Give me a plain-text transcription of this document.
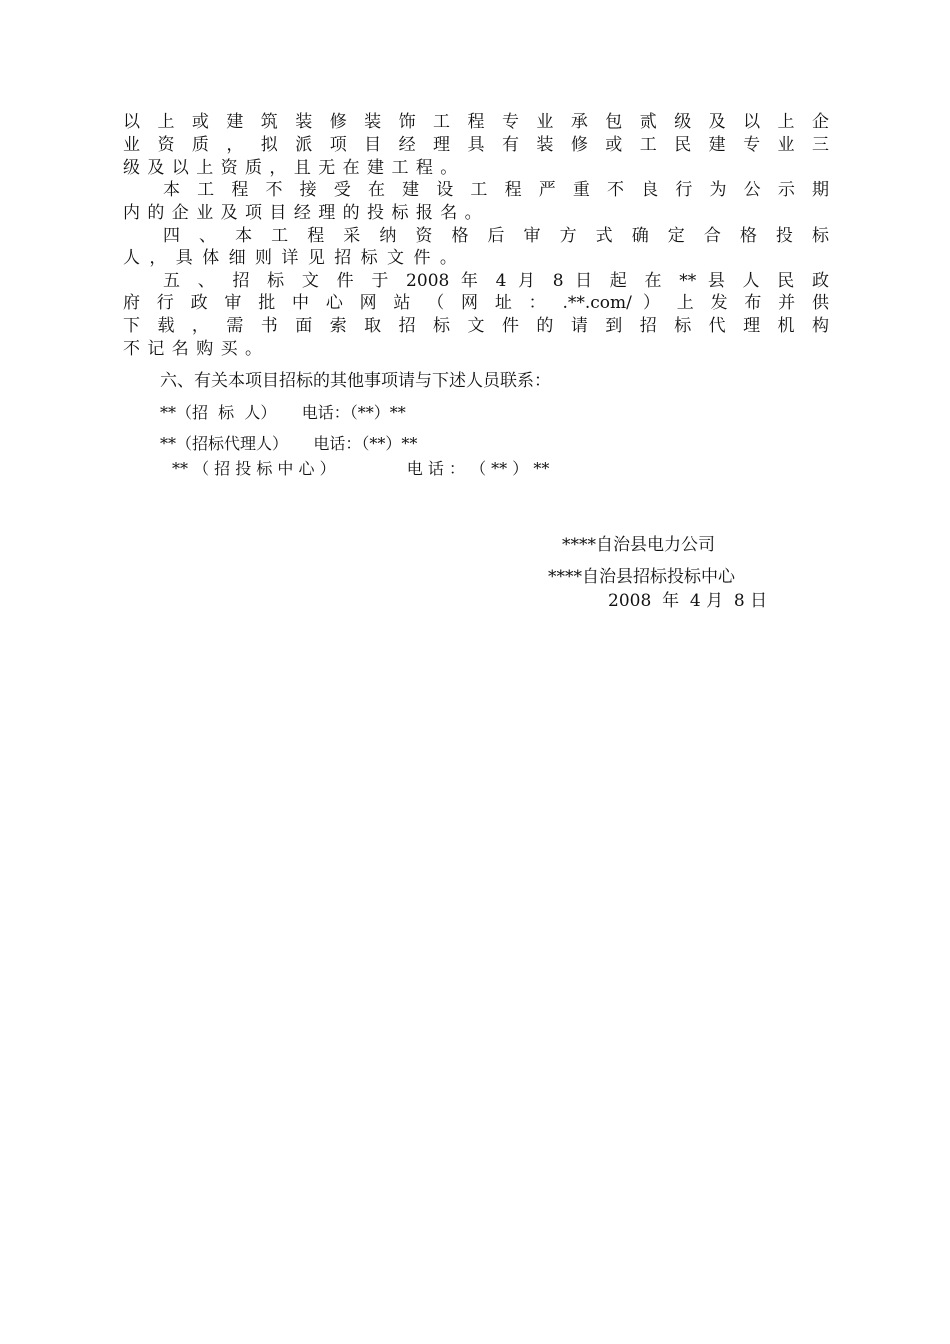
以 上 或 建 筑 装 修 装 饰 工 程 专 业 承 包 贰 级 及 以 上 企
业 资 质 ， 拟 派 项 目 经 理 具 有 装 修 或 工 民 建 专 业 三
级 及 以 上 资 质 ， 且 无 在 建 工 程 。
本 工 程 不 接 受 在 建 设 工 程 严 重 不 良 行 为 公 示 期
内 的 企 业 及 项 目 经 理 的 投 标 报 名 。
四 、 本 工 程 采 纳 资 格 后 审 方 式 确 定 合 格 投 标
人 ， 具 体 细 则 详 见 招 标 文 件 。
五 、 招 标 文 件 于 2008 年 4 月 8 日 起 在 ** 县 人 民 政
府 行 政 审 批 中 心 网 站 （ 网 址 ： .**.com/ ） 上 发 布 并 供
下 载 ， 需 书 面 索 取 招 标 文 件 的 请 到 招 标 代 理 机 构
不 记 名 购 买 。
六、有关本项目招标的其他事项请与下述人员联系：
**（招  标  人）     电话：（**）**
**（招标代理人）     电话：（**）**
** （ 招 投 标 中 心 ）              电 话 ： （ ** ） **
****自治县电力公司
****自治县招标投标中心
2008  年  4 月  8 日
